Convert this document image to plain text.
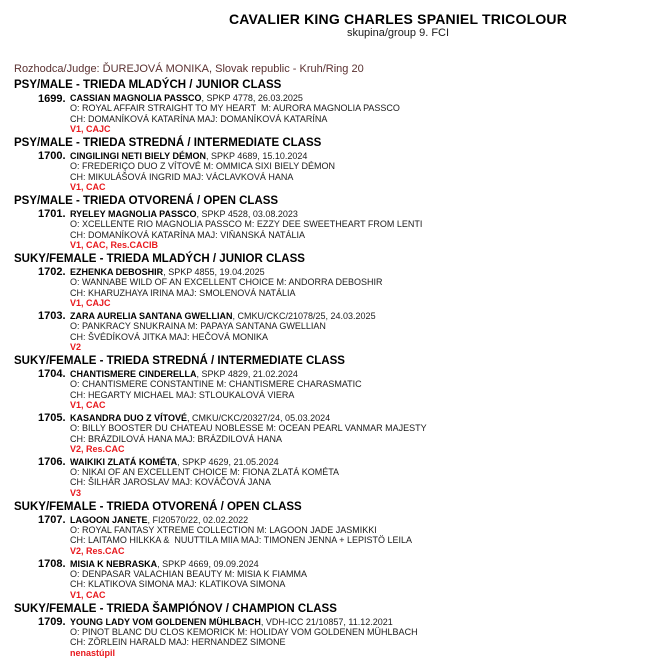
CAVALIER KING CHARLES SPANIEL TRICOLOUR
skupina/group 9. FCI
Rozhodca/Judge: ĎUREJOVÁ MONIKA, Slovak republic - Kruh/Ring 20
PSY/MALE - TRIEDA MLADÝCH / JUNIOR CLASS
1699. CASSIAN MAGNOLIA PASSCO, SPKP 4778, 26.03.2025
O: ROYAL AFFAIR STRAIGHT TO MY HEART  M: AURORA MAGNOLIA PASSCO
CH: DOMANÍKOVÁ KATARÍNA MAJ: DOMANÍKOVÁ KATARÍNA
V1, CAJC
PSY/MALE - TRIEDA STREDNÁ / INTERMEDIATE CLASS
1700. CINGILINGI NETI BIELY DÉMON, SPKP 4689, 15.10.2024
O: FREDERIÇO DUO Z VÍTOVÉ M: OMMICA SIXI BIELY DÉMON
CH: MIKULÁŠOVÁ INGRID MAJ: VÁCLAVKOVÁ HANA
V1, CAC
PSY/MALE - TRIEDA OTVORENÁ / OPEN CLASS
1701. RYELEY MAGNOLIA PASSCO, SPKP 4528, 03.08.2023
O: XCELLENTE RIO MAGNOLIA PASSCO M: EZZY DEE SWEETHEART FROM LENTI
CH: DOMANÍKOVÁ KATARÍNA MAJ: VIŇANSKÁ NATÁLIA
V1, CAC, Res.CACIB
SUKY/FEMALE - TRIEDA MLADÝCH / JUNIOR CLASS
1702. EZHENKA DEBOSHIR, SPKP 4855, 19.04.2025
O: WANNABE WILD OF AN EXCELLENT CHOICE M: ANDORRA DEBOSHIR
CH: KHARUZHAYA IRINA MAJ: SMOLENOVÁ NATÁLIA
V1, CAJC
1703. ZARA AURELIA SANTANA GWELLIAN, CMKU/CKC/21078/25, 24.03.2025
O: PANKRACY SNUKRAINA M: PAPAYA SANTANA GWELLIAN
CH: ŠVÉDÍKOVÁ JITKA MAJ: HEČOVÁ MONIKA
V2
SUKY/FEMALE - TRIEDA STREDNÁ / INTERMEDIATE CLASS
1704. CHANTISMERE CINDERELLA, SPKP 4829, 21.02.2024
O: CHANTISMERE CONSTANTINE M: CHANTISMERE CHARASMATIC
CH: HEGARTY MICHAEL MAJ: STLOUKALOVÁ VIERA
V1, CAC
1705. KASANDRA DUO Z VÍTOVÉ, CMKU/CKC/20327/24, 05.03.2024
O: BILLY BOOSTER DU CHATEAU NOBLESSE M: OCEAN PEARL VANMAR MAJESTY
CH: BRÁZDILOVÁ HANA MAJ: BRÁZDILOVÁ HANA
V2, Res.CAC
1706. WAIKIKI ZLATÁ KOMÉTA, SPKP 4629, 21.05.2024
O: NIKAI OF AN EXCELLENT CHOICE M: FIONA ZLATÁ KOMÉTA
CH: ŠILHÁR JAROSLAV MAJ: KOVÁČOVÁ JANA
V3
SUKY/FEMALE - TRIEDA OTVORENÁ / OPEN CLASS
1707. LAGOON JANETE, FI20570/22, 02.02.2022
O: ROYAL FANTASY XTREME COLLECTION M: LAGOON JADE JASMIKKI
CH: LAITAMO HILKKA &  NUUTTILA MIIA MAJ: TIMONEN JENNA + LEPISTÖ LEILA
V2, Res.CAC
1708. MISIA K NEBRASKA, SPKP 4669, 09.09.2024
O: DENPASAR VALACHIAN BEAUTY M: MISIA K FIAMMA
CH: KLATIKOVA SIMONA MAJ: KLATIKOVA SIMONA
V1, CAC
SUKY/FEMALE - TRIEDA ŠAMPIÓNOV / CHAMPION CLASS
1709. YOUNG LADY VOM GOLDENEN MÜHLBACH, VDH-ICC 21/10857, 11.12.2021
O: PINOT BLANC DU CLOS KEMORICK M: HOLIDAY VOM GOLDENEN MÜHLBACH
CH: ZÖRLEIN HARALD MAJ: HERNANDEZ SIMONE
nenastúpil
